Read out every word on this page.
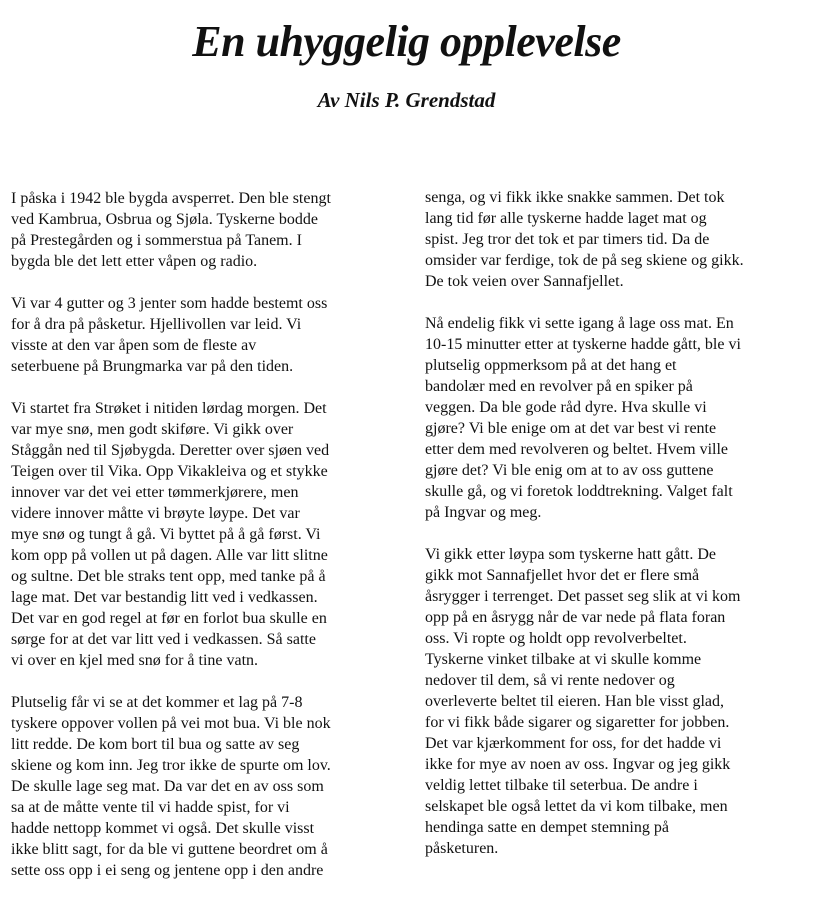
En uhyggelig opplevelse
Av Nils P. Grendstad
I påska i 1942 ble bygda avsperret. Den ble stengt
ved Kambrua, Osbrua og Sjøla. Tyskerne bodde
på Prestegården og i sommerstua på Tanem. I
bygda ble det lett etter våpen og radio.
Vi var 4 gutter og 3 jenter som hadde bestemt oss
for å dra på påsketur. Hjellivollen var leid. Vi
visste at den var åpen som de fleste av
seterbuene på Brungmarka var på den tiden.
Vi startet fra Strøket i nitiden lørdag morgen. Det
var mye snø, men godt skiføre. Vi gikk over
Ståggån ned til Sjøbygda. Deretter over sjøen ved
Teigen over til Vika. Opp Vikakleiva og et stykke
innover var det vei etter tømmerkjørere, men
videre innover måtte vi brøyte løype. Det var
mye snø og tungt å gå. Vi byttet på å gå først. Vi
kom opp på vollen ut på dagen. Alle var litt slitne
og sultne. Det ble straks tent opp, med tanke på å
lage mat. Det var bestandig litt ved i vedkassen.
Det var en god regel at før en forlot bua skulle en
sørge for at det var litt ved i vedkassen. Så satte
vi over en kjel med snø for å tine vatn.
Plutselig får vi se at det kommer et lag på 7-8
tyskere oppover vollen på vei mot bua. Vi ble nok
litt redde. De kom bort til bua og satte av seg
skiene og kom inn. Jeg tror ikke de spurte om lov.
De skulle lage seg mat. Da var det en av oss som
sa at de måtte vente til vi hadde spist, for vi
hadde nettopp kommet vi også. Det skulle visst
ikke blitt sagt, for da ble vi guttene beordret om å
sette oss opp i ei seng og jentene opp i den andre
senga, og vi fikk ikke snakke sammen. Det tok
lang tid før alle tyskerne hadde laget mat og
spist. Jeg tror det tok et par timers tid. Da de
omsider var ferdige, tok de på seg skiene og gikk.
De tok veien over Sannafjellet.
Nå endelig fikk vi sette igang å lage oss mat. En
10-15 minutter etter at tyskerne hadde gått, ble vi
plutselig oppmerksom på at det hang et
bandolær med en revolver på en spiker på
veggen. Da ble gode råd dyre. Hva skulle vi
gjøre? Vi ble enige om at det var best vi rente
etter dem med revolveren og beltet. Hvem ville
gjøre det? Vi ble enig om at to av oss guttene
skulle gå, og vi foretok loddtrekning. Valget falt
på Ingvar og meg.
Vi gikk etter løypa som tyskerne hatt gått. De
gikk mot Sannafjellet hvor det er flere små
åsrygger i terrenget. Det passet seg slik at vi kom
opp på en åsrygg når de var nede på flata foran
oss. Vi ropte og holdt opp revolverbeltet.
Tyskerne vinket tilbake at vi skulle komme
nedover til dem, så vi rente nedover og
overleverte beltet til eieren. Han ble visst glad,
for vi fikk både sigarer og sigaretter for jobben.
Det var kjærkomment for oss, for det hadde vi
ikke for mye av noen av oss. Ingvar og jeg gikk
veldig lettet tilbake til seterbua. De andre i
selskapet ble også lettet da vi kom tilbake, men
hendinga satte en dempet stemning på
påsketuren.
